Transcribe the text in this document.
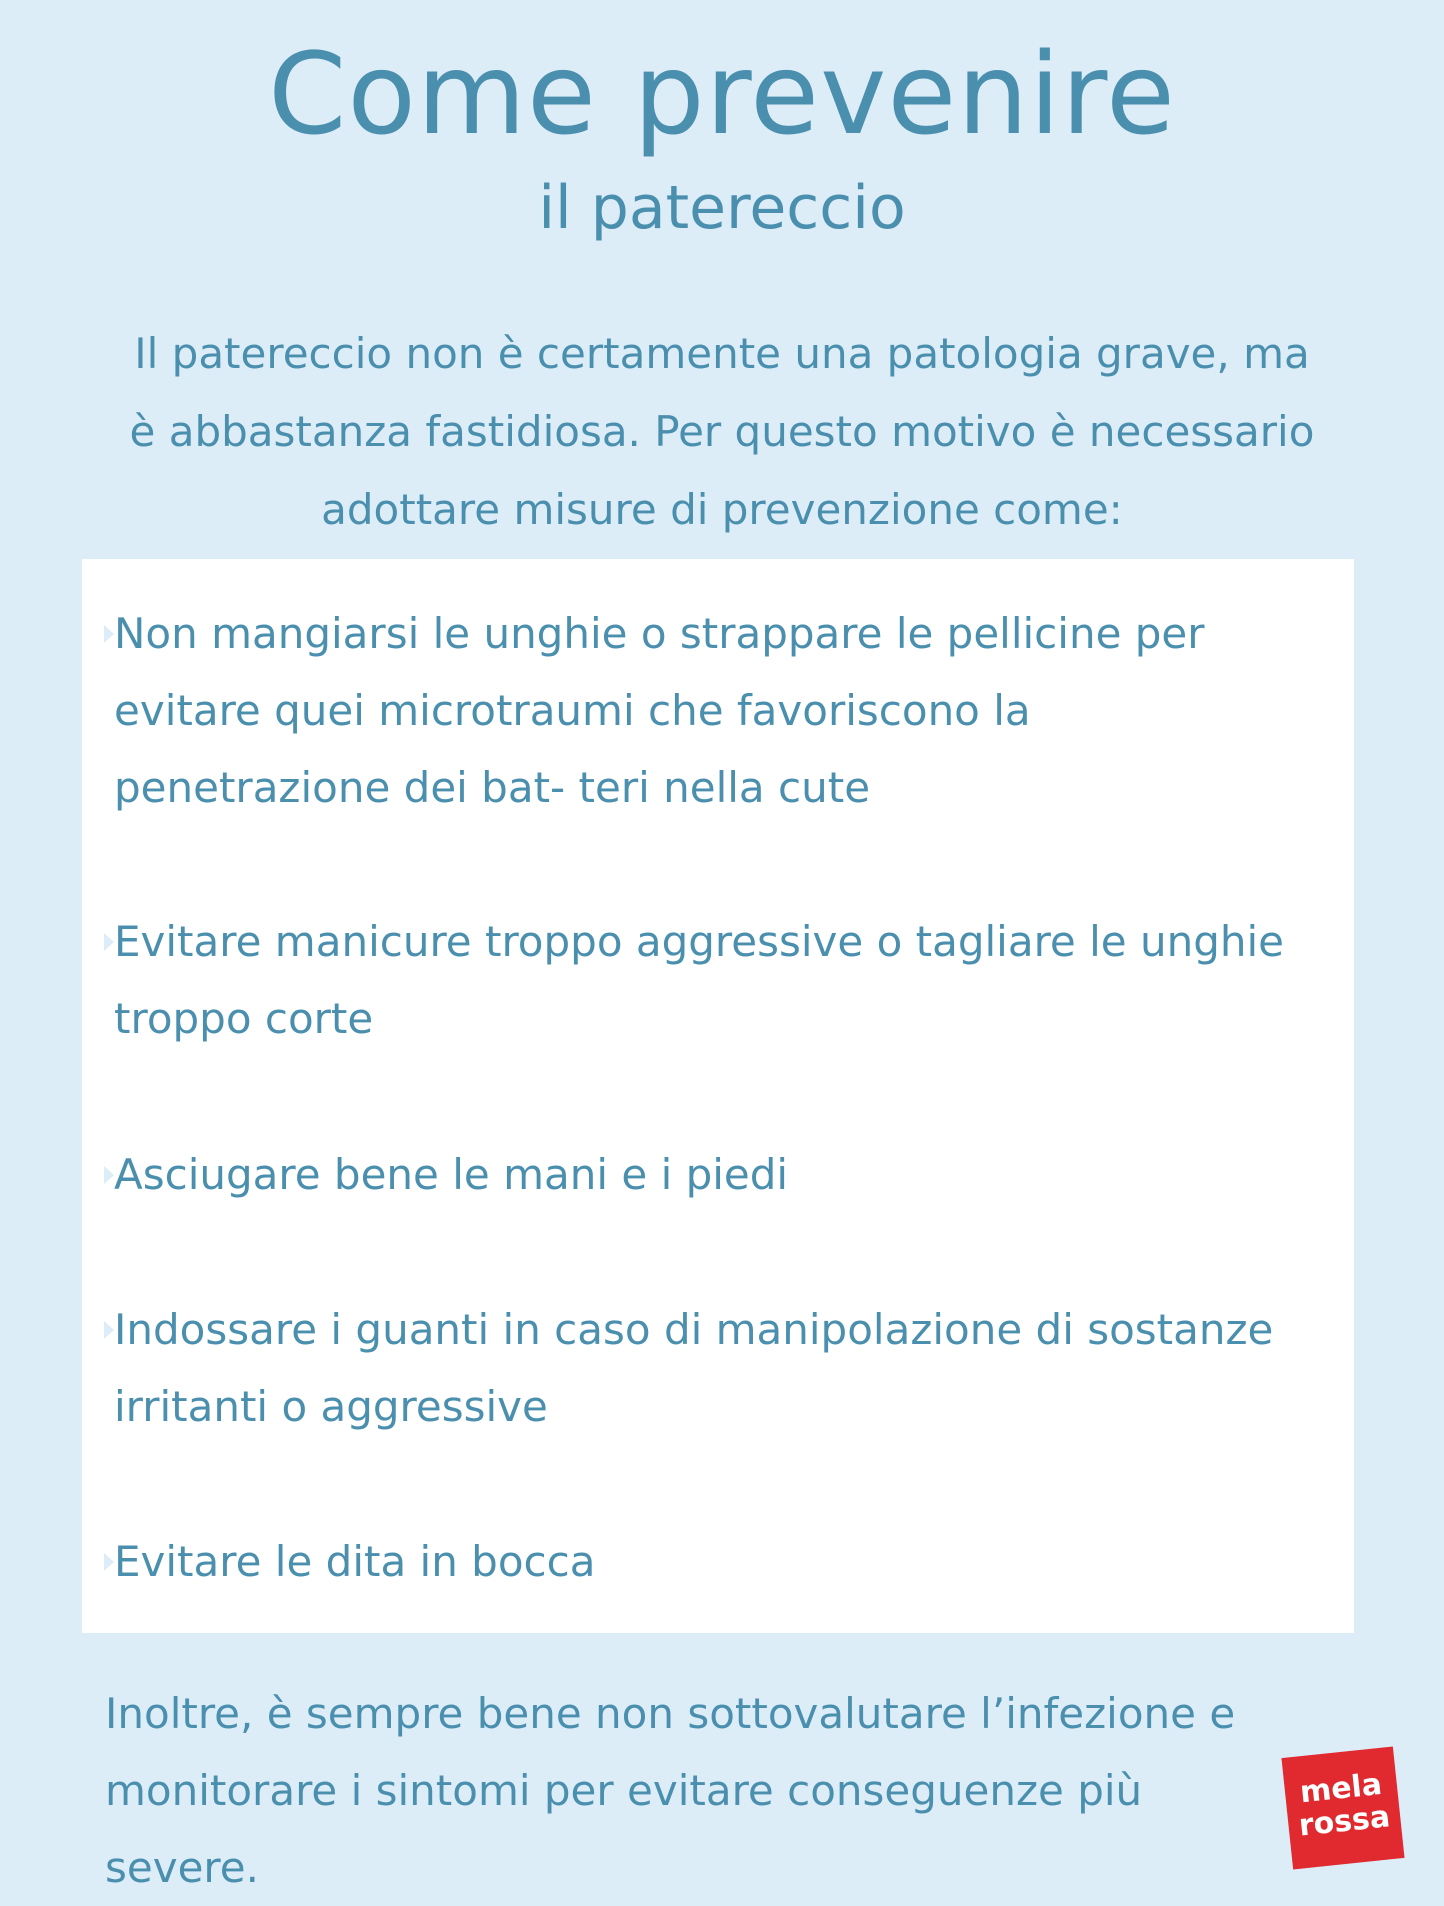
Come prevenire
il patereccio
Il patereccio non è certamente una patologia grave, ma è abbastanza fastidiosa. Per questo motivo è necessario adottare misure di prevenzione come:
Non mangiarsi le unghie o strappare le pellicine per evitare quei microtraumi che favoriscono la penetrazione dei bat- teri nella cute
Evitare manicure troppo aggressive o tagliare le unghie troppo corte
Asciugare bene le mani e i piedi
Indossare i guanti in caso di manipolazione di sostanze irritanti o aggressive
Evitare le dita in bocca
Inoltre, è sempre bene non sottovalutare l’infezione e monitorare i sintomi per evitare conseguenze più severe.
mela
rossa
